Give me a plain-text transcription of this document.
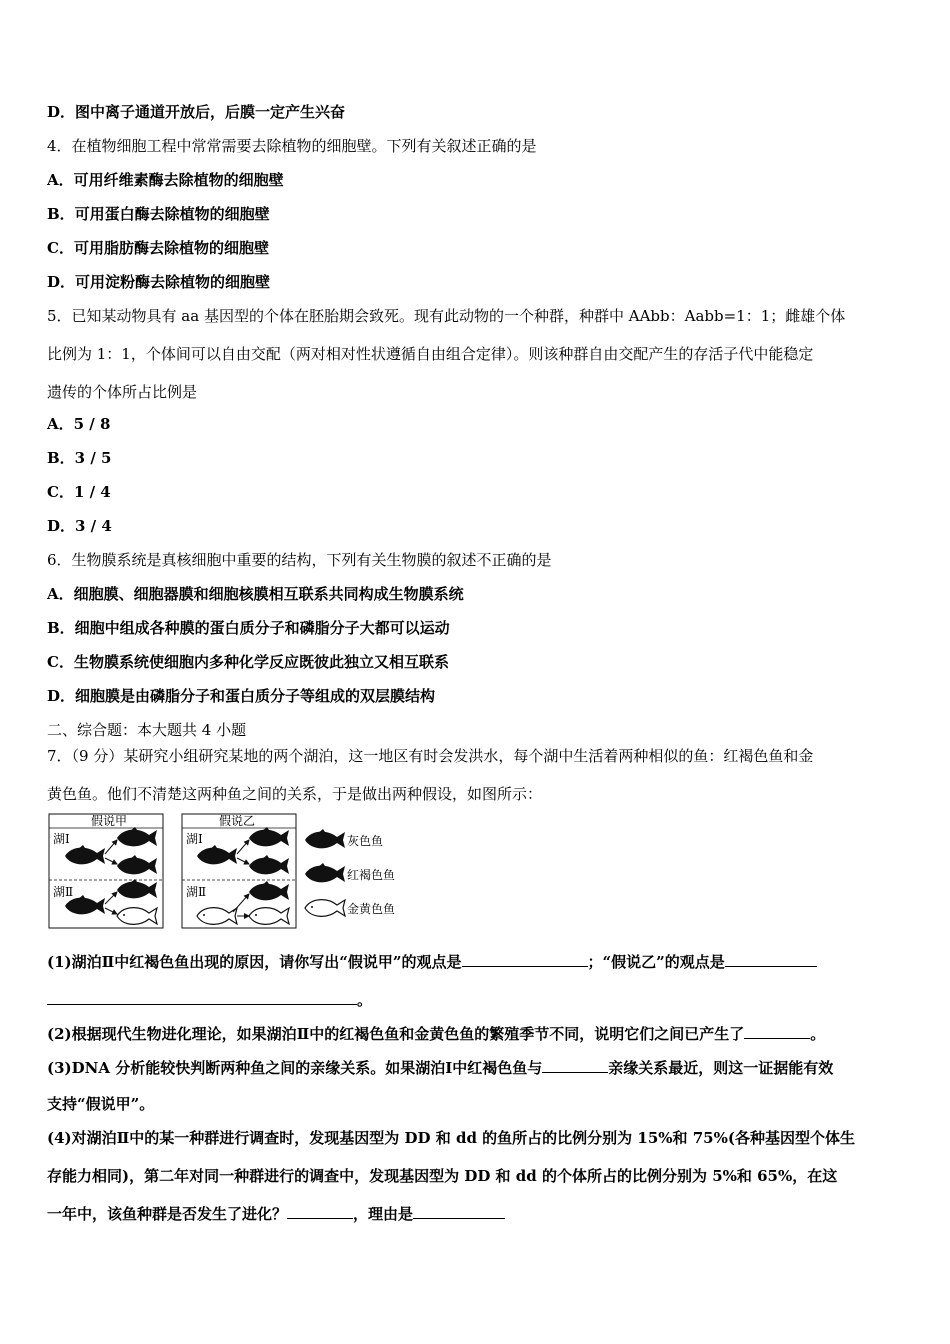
D．图中离子通道开放后，后膜一定产生兴奋
4．在植物细胞工程中常常需要去除植物的细胞壁。下列有关叙述正确的是
A．可用纤维素酶去除植物的细胞壁
B．可用蛋白酶去除植物的细胞壁
C．可用脂肪酶去除植物的细胞壁
D．可用淀粉酶去除植物的细胞壁
5．已知某动物具有 aa 基因型的个体在胚胎期会致死。现有此动物的一个种群，种群中 AAbb：Aabb=1：1；雌雄个体
比例为 1：1，个体间可以自由交配（两对相对性状遵循自由组合定律）。则该种群自由交配产生的存活子代中能稳定
遗传的个体所占比例是
A．5 / 8
B．3 / 5
C．1 / 4
D．3 / 4
6．生物膜系统是真核细胞中重要的结构，下列有关生物膜的叙述不正确的是
A．细胞膜、细胞器膜和细胞核膜相互联系共同构成生物膜系统
B．细胞中组成各种膜的蛋白质分子和磷脂分子大都可以运动
C．生物膜系统使细胞内多种化学反应既彼此独立又相互联系
D．细胞膜是由磷脂分子和蛋白质分子等组成的双层膜结构
二、综合题：本大题共 4 小题
7．（9 分）某研究小组研究某地的两个湖泊，这一地区有时会发洪水，每个湖中生活着两种相似的鱼：红褐色鱼和金
黄色鱼。他们不清楚这两种鱼之间的关系，于是做出两种假设，如图所示：
假说甲
湖Ⅰ
湖Ⅱ
假说乙
湖Ⅰ
湖Ⅱ
灰色鱼
红褐色鱼
金黄色鱼
(1)湖泊Ⅱ中红褐色鱼出现的原因，请你写出“假说甲”的观点是	；“假说乙”的观点是
。
(2)根据现代生物进化理论，如果湖泊Ⅱ中的红褐色鱼和金黄色鱼的繁殖季节不同，说明它们之间已产生了	。
(3)DNA 分析能较快判断两种鱼之间的亲缘关系。如果湖泊Ⅰ中红褐色鱼与	亲缘关系最近，则这一证据能有效
支持“假说甲”。
(4)对湖泊Ⅱ中的某一种群进行调查时，发现基因型为 DD 和 dd 的鱼所占的比例分别为 15%和 75%(各种基因型个体生
存能力相同)，第二年对同一种群进行的调查中，发现基因型为 DD 和 dd 的个体所占的比例分别为 5%和 65%，在这
一年中，该鱼种群是否发生了进化？	，理由是
